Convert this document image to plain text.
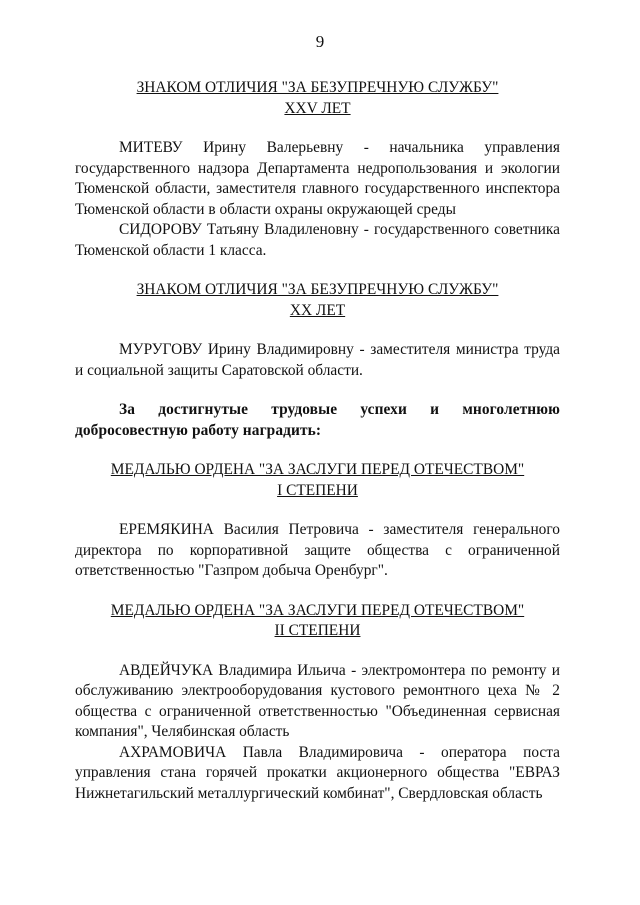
9

ЗНАКОМ ОТЛИЧИЯ "ЗА БЕЗУПРЕЧНУЮ СЛУЖБУ"

XXV ЛЕТ

МИТЕВУ Ирину Валерьевну - начальника управления государственного надзора Департамента недропользования и экологии Тюменской области, заместителя главного государственного инспектора Тюменской области в области охраны окружающей среды

СИДОРОВУ Татьяну Владиленовну - государственного советника Тюменской области 1 класса.

ЗНАКОМ ОТЛИЧИЯ "ЗА БЕЗУПРЕЧНУЮ СЛУЖБУ"

XX ЛЕТ

МУРУГОВУ Ирину Владимировну - заместителя министра труда и социальной защиты Саратовской области.

За достигнутые трудовые успехи и многолетнюю добросовестную работу наградить:

МЕДАЛЬЮ ОРДЕНА "ЗА ЗАСЛУГИ ПЕРЕД ОТЕЧЕСТВОМ"

I СТЕПЕНИ

ЕРЕМЯКИНА Василия Петровича - заместителя генерального директора по корпоративной защите общества с ограниченной ответственностью "Газпром добыча Оренбург".

МЕДАЛЬЮ ОРДЕНА "ЗА ЗАСЛУГИ ПЕРЕД ОТЕЧЕСТВОМ"

II СТЕПЕНИ

АВДЕЙЧУКА Владимира Ильича - электромонтера по ремонту и обслуживанию электрооборудования кустового ремонтного цеха № 2 общества с ограниченной ответственностью "Объединенная сервисная компания", Челябинская область

АХРАМОВИЧА Павла Владимировича - оператора поста управления стана горячей прокатки акционерного общества "ЕВРАЗ Нижнетагильский металлургический комбинат", Свердловская область
